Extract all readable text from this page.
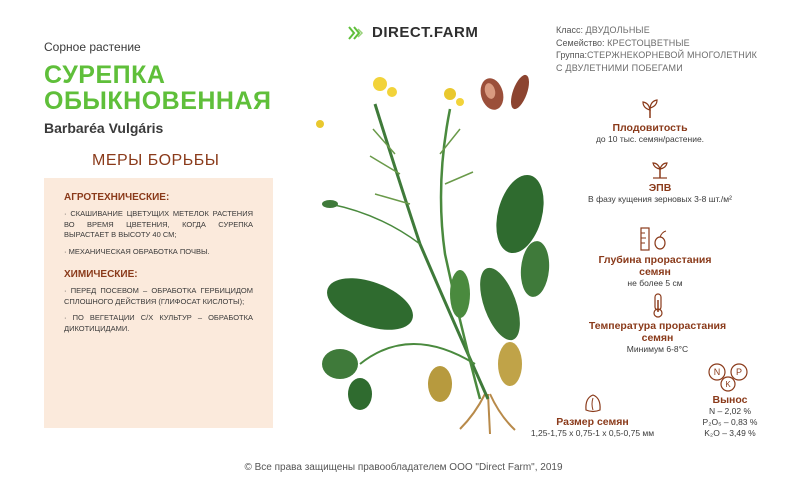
Сорное растение
СУРЕПКА
ОБЫКНОВЕННАЯ
Barbaréa Vulgáris
МЕРЫ БОРЬБЫ
АГРОТЕХНИЧЕСКИЕ:
· СКАШИВАНИЕ ЦВЕТУЩИХ МЕТЕЛОК РАСТЕНИЯ ВО ВРЕМЯ ЦВЕТЕНИЯ, КОГДА СУРЕПКА ВЫРАСТАЕТ В ВЫСОТУ 40 СМ;
· МЕХАНИЧЕСКАЯ ОБРАБОТКА ПОЧВЫ.
ХИМИЧЕСКИЕ:
· ПЕРЕД ПОСЕВОМ – ОБРАБОТКА ГЕРБИЦИДОМ СПЛОШНОГО ДЕЙСТВИЯ (ГЛИФОСАТ КИСЛОТЫ);
· ПО ВЕГЕТАЦИИ С/Х КУЛЬТУР – ОБРАБОТКА ДИКОТИЦИДАМИ.
DIRECT.FARM	Класс: ДВУДОЛЬНЫЕ
Семейство: КРЕСТОЦВЕТНЫЕ
Группа:СТЕРЖНЕКОРНЕВОЙ МНОГОЛЕТНИК
С ДВУЛЕТНИМИ ПОБЕГАМИ
Плодовитость
до 10 тыс. семян/растение.
ЭПВ
В фазу кущения зерновых 3-8 шт./м²
Глубина прорастания
семян
не более 5 см
Температура прорастания
семян
Минимум 6-8°С
Размер семян
1,25-1,75 x 0,75-1 x 0,5-0,75 мм
N P
K
Вынос
N – 2,02 %
P₂O₅ – 0,83 %
K₂O – 3,49 %
© Все права защищены правообладателем ООО "Direct Farm", 2019
